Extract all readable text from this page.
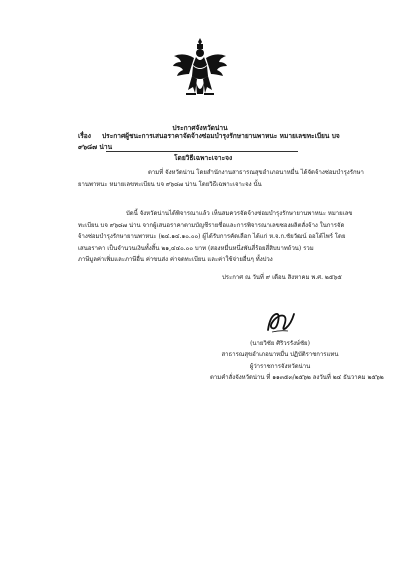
ประกาศจังหวัดน่าน
เรื่อง ประกาศผู้ชนะการเสนอราคาจัดจ้างซ่อมบำรุงรักษายานพาหนะ หมายเลขทะเบียน บจ ๙๖๘๗ น่าน
โดยวิธีเฉพาะเจาะจง
ตามที่ จังหวัดน่าน โดยสำนักงานสาธารณสุขอำเภอนาหมื่น ได้จัดจ้างซ่อมบำรุงรักษา
ยานพาหนะ หมายเลขทะเบียน บจ ๙๖๘๗ น่าน โดยวิธีเฉพาะเจาะจง นั้น
บัดนี้ จังหวัดน่านได้พิจารณาแล้ว เห็นสมควรจัดจ้างซ่อมบำรุงรักษายานพาหนะ หมายเลข
ทะเบียน บจ ๙๖๘๗ น่าน จากผู้เสนอราคาตามบัญชีรายชื่อและการพิจารณาเลขซองผลิตสั่งจ้าง ในการจัด
จ้างซ่อมบำรุงรักษายานพาหนะ (๒๔.๑๔.๑๐.๐๐) ผู้ได้รับการคัดเลือก ได้แก่ ห.จ.ก.ชัยวัฒน์ ออโต้ไพร์ โดย
เสนอราคา เป็นจำนวนเงินทั้งสิ้น ๒๑,๔๔๐.๐๐ บาท (สองหมื่นหนึ่งพันสี่ร้อยสี่สิบบาทถ้วน) รวม
ภาษีมูลค่าเพิ่มและภาษีอื่น ค่าขนส่ง ค่าจดทะเบียน และค่าใช้จ่ายอื่นๆ ทั้งปวง
ประกาศ ณ วันที่ ๙ เดือน สิงหาคม พ.ศ. ๒๕๖๕
(นายวิชัย ศิริวรรังษ์ชัย)
สาธารณสุขอำเภอนาหมื่น ปฏิบัติราชการแทน
ผู้ว่าราชการจังหวัดน่าน
ตามคำสั่งจังหวัดน่าน ที่ ๑๑๓๕๓/๒๕๖๒ ลงวันที่ ๒๔ ธันวาคม ๒๕๖๒
